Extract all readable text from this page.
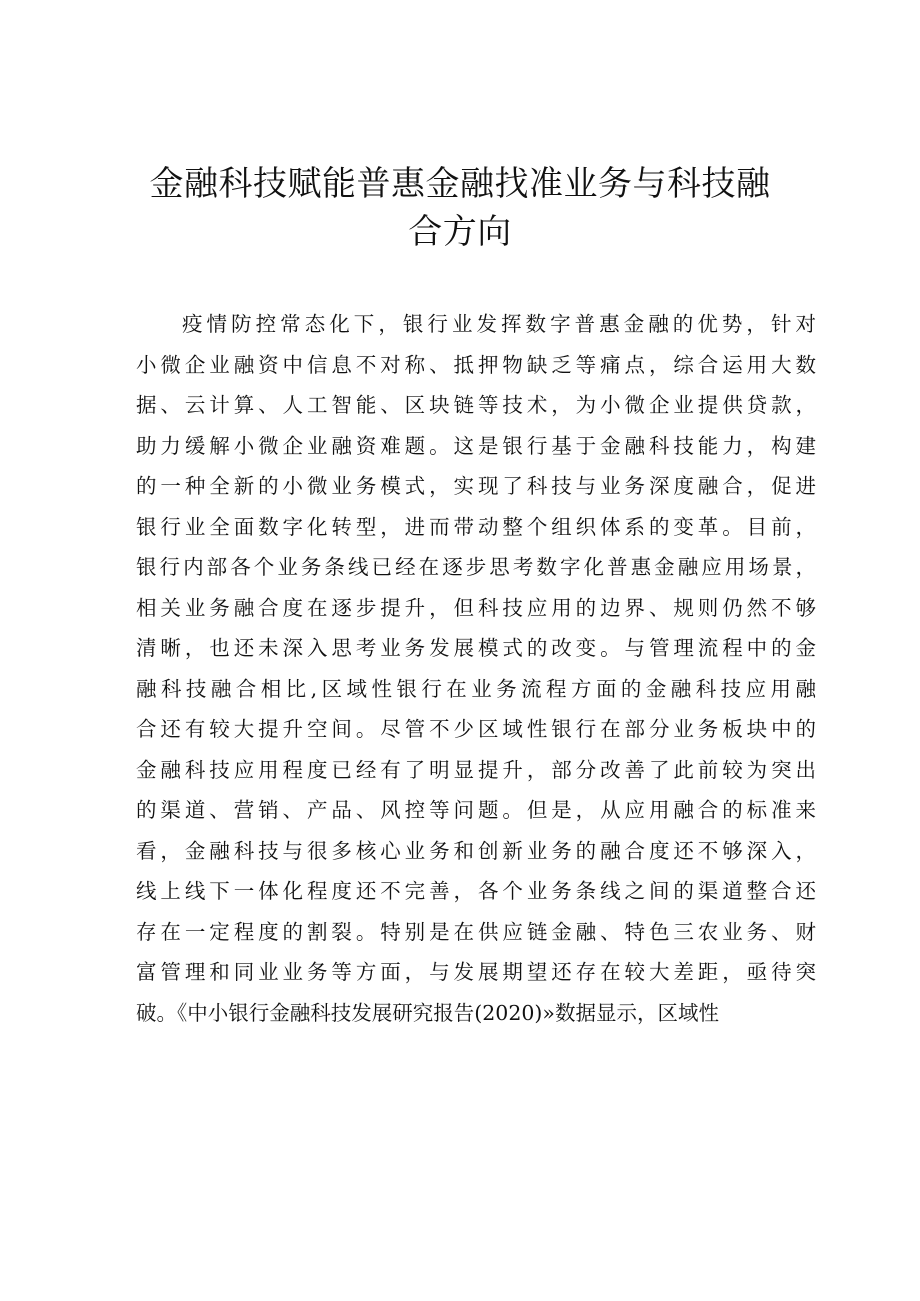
金融科技赋能普惠金融找准业务与科技融
合方向
疫情防控常态化下，银行业发挥数字普惠金融的优势，针对
小微企业融资中信息不对称、抵押物缺乏等痛点，综合运用大数
据、云计算、人工智能、区块链等技术，为小微企业提供贷款，
助力缓解小微企业融资难题。这是银行基于金融科技能力，构建
的一种全新的小微业务模式，实现了科技与业务深度融合，促进
银行业全面数字化转型，进而带动整个组织体系的变革。目前，
银行内部各个业务条线已经在逐步思考数字化普惠金融应用场景，
相关业务融合度在逐步提升，但科技应用的边界、规则仍然不够
清晰，也还未深入思考业务发展模式的改变。与管理流程中的金
融科技融合相比,区域性银行在业务流程方面的金融科技应用融
合还有较大提升空间。尽管不少区域性银行在部分业务板块中的
金融科技应用程度已经有了明显提升，部分改善了此前较为突出
的渠道、营销、产品、风控等问题。但是，从应用融合的标准来
看，金融科技与很多核心业务和创新业务的融合度还不够深入，
线上线下一体化程度还不完善，各个业务条线之间的渠道整合还
存在一定程度的割裂。特别是在供应链金融、特色三农业务、财
富管理和同业业务等方面，与发展期望还存在较大差距，亟待突
破。《中小银行金融科技发展研究报告(2020)»数据显示，区域性
